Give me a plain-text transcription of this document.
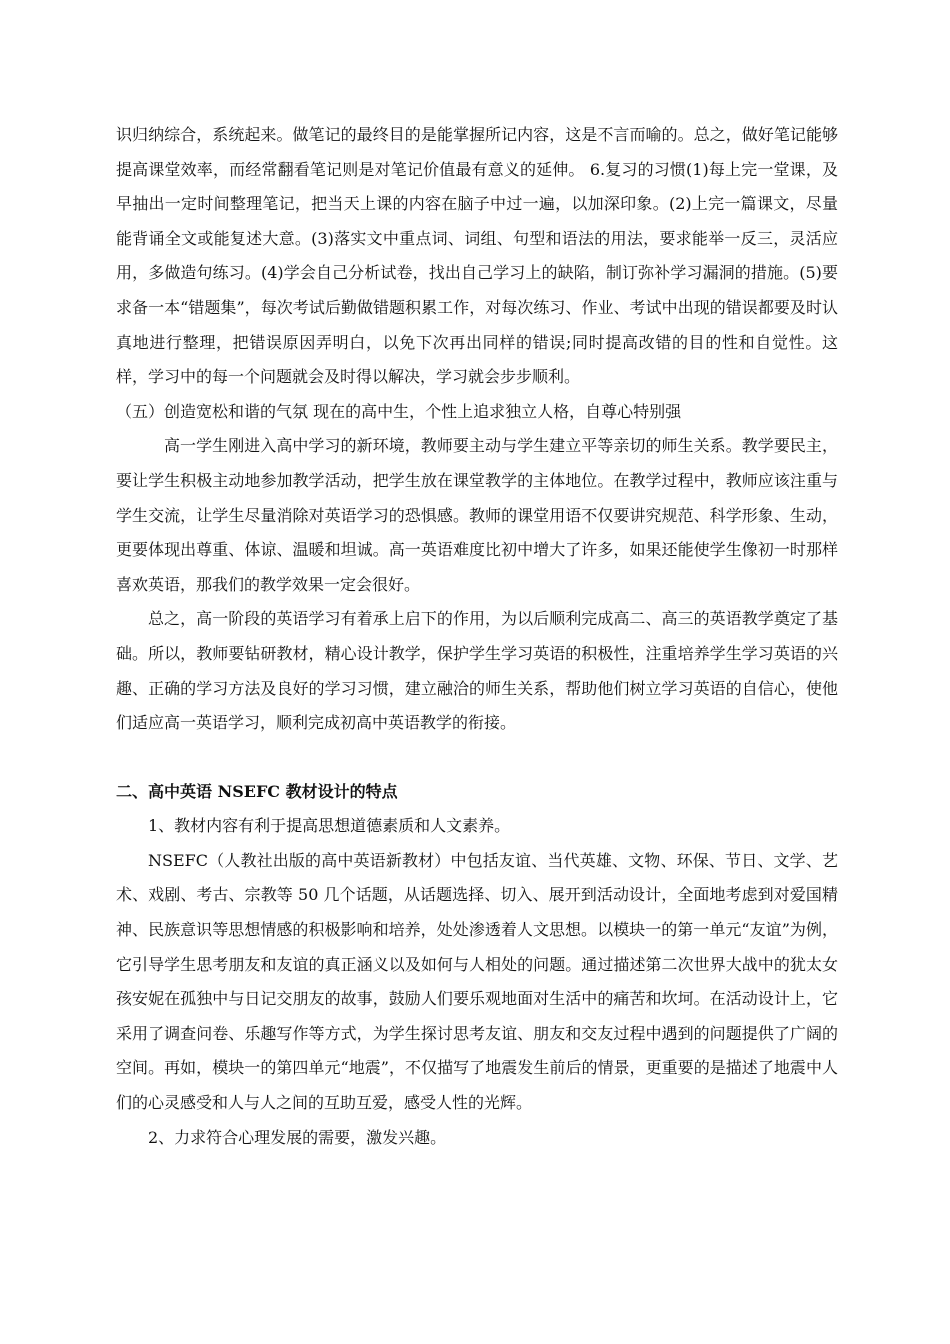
识归纳综合，系统起来。做笔记的最终目的是能掌握所记内容，这是不言而喻的。总之，做好笔记能够提高课堂效率，而经常翻看笔记则是对笔记价值最有意义的延伸。 6.复习的习惯(1)每上完一堂课，及早抽出一定时间整理笔记，把当天上课的内容在脑子中过一遍，以加深印象。(2)上完一篇课文，尽量能背诵全文或能复述大意。(3)落实文中重点词、词组、句型和语法的用法，要求能举一反三，灵活应用，多做造句练习。(4)学会自己分析试卷，找出自己学习上的缺陷，制订弥补学习漏洞的措施。(5)要求备一本“错题集”，每次考试后勤做错题积累工作，对每次练习、作业、考试中出现的错误都要及时认真地进行整理，把错误原因弄明白，以免下次再出同样的错误;同时提高改错的目的性和自觉性。这样，学习中的每一个问题就会及时得以解决，学习就会步步顺利。

（五）创造宽松和谐的气氛 现在的高中生，个性上追求独立人格，自尊心特别强

高一学生刚进入高中学习的新环境，教师要主动与学生建立平等亲切的师生关系。教学要民主，要让学生积极主动地参加教学活动，把学生放在课堂教学的主体地位。在教学过程中，教师应该注重与学生交流，让学生尽量消除对英语学习的恐惧感。教师的课堂用语不仅要讲究规范、科学形象、生动，更要体现出尊重、体谅、温暖和坦诚。高一英语难度比初中增大了许多，如果还能使学生像初一时那样喜欢英语，那我们的教学效果一定会很好。

总之，高一阶段的英语学习有着承上启下的作用，为以后顺利完成高二、高三的英语教学奠定了基础。所以，教师要钻研教材，精心设计教学，保护学生学习英语的积极性，注重培养学生学习英语的兴趣、正确的学习方法及良好的学习习惯，建立融洽的师生关系，帮助他们树立学习英语的自信心，使他们适应高一英语学习，顺利完成初高中英语教学的衔接。

二、高中英语 NSEFC 教材设计的特点

1、教材内容有利于提高思想道德素质和人文素养。

NSEFC（人教社出版的高中英语新教材）中包括友谊、当代英雄、文物、环保、节日、文学、艺术、戏剧、考古、宗教等 50 几个话题，从话题选择、切入、展开到活动设计，全面地考虑到对爱国精神、民族意识等思想情感的积极影响和培养，处处渗透着人文思想。以模块一的第一单元“友谊”为例，它引导学生思考朋友和友谊的真正涵义以及如何与人相处的问题。通过描述第二次世界大战中的犹太女孩安妮在孤独中与日记交朋友的故事，鼓励人们要乐观地面对生活中的痛苦和坎坷。在活动设计上，它采用了调查问卷、乐趣写作等方式，为学生探讨思考友谊、朋友和交友过程中遇到的问题提供了广阔的空间。再如，模块一的第四单元“地震”，不仅描写了地震发生前后的情景，更重要的是描述了地震中人们的心灵感受和人与人之间的互助互爱，感受人性的光辉。

2、力求符合心理发展的需要，激发兴趣。
